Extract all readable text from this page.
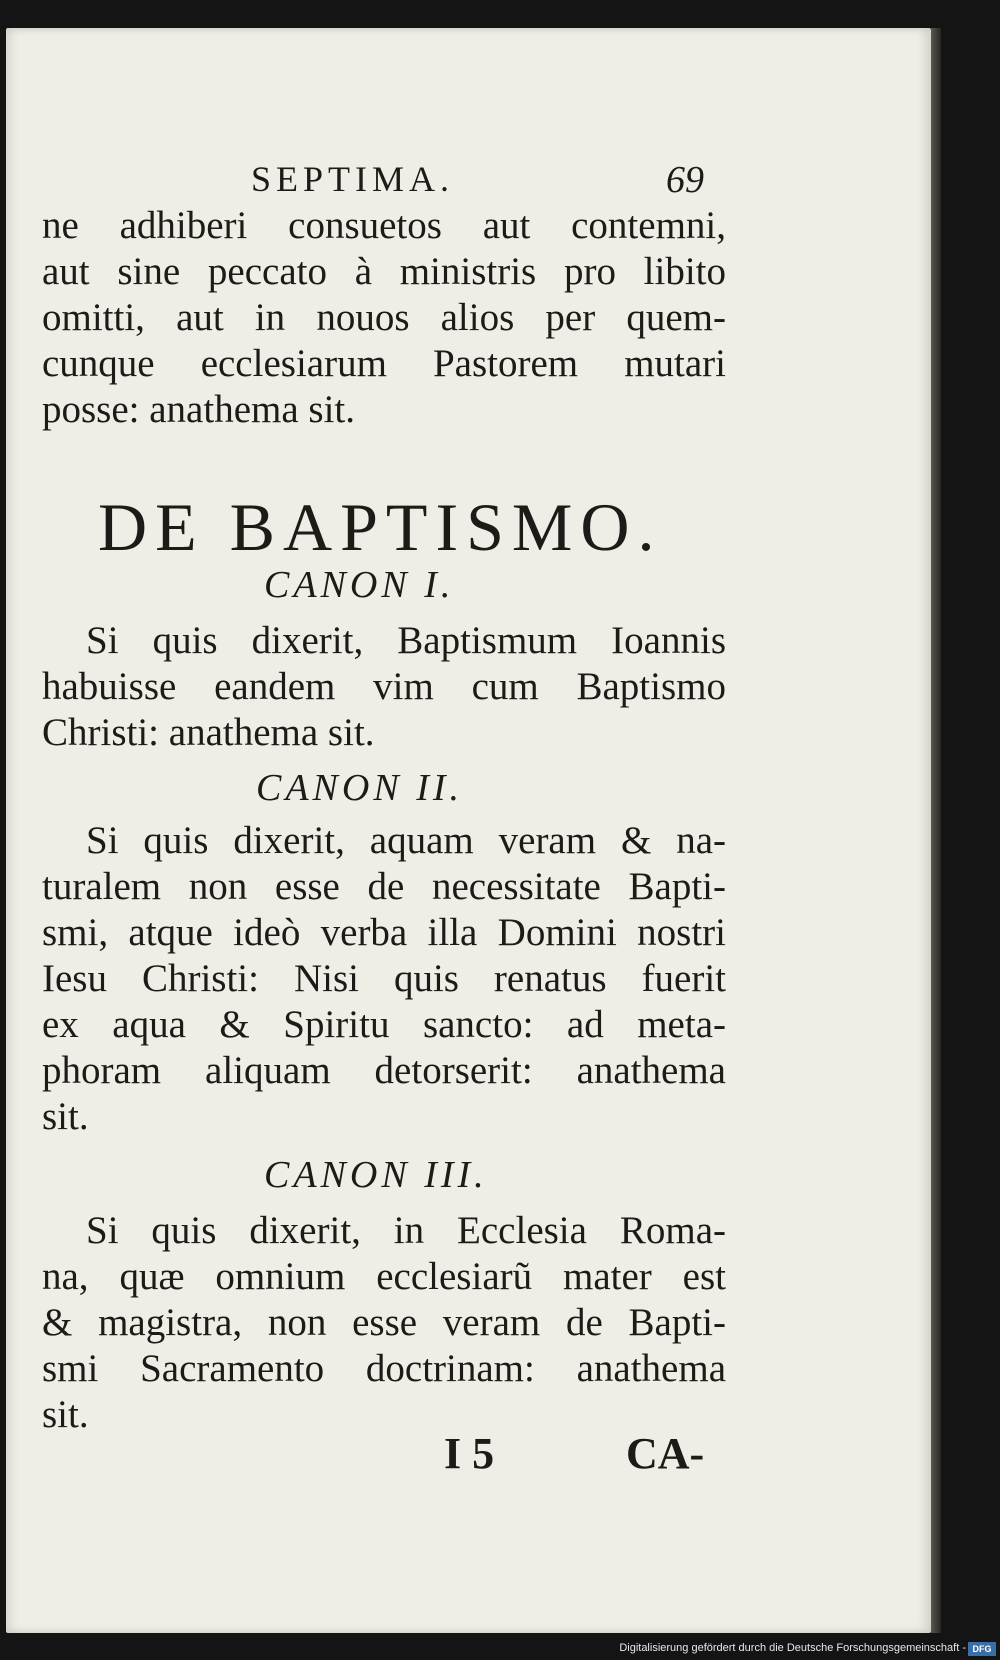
SEPTIMA.	69
ne adhiberi consuetos aut contemni,
aut sine peccato à ministris pro libito
omitti, aut in nouos alios per quem-
cunque ecclesiarum Pastorem mutari
posse: anathema sit.
DE BAPTISMO.
CANON I.
Si quis dixerit, Baptismum Ioannis
habuisse eandem vim cum Baptismo
Christi: anathema sit.
CANON II.
Si quis dixerit, aquam veram & na-
turalem non esse de necessitate Bapti-
smi, atque ideò verba illa Domini nostri
Iesu Christi: Nisi quis renatus fuerit
ex aqua & Spiritu sancto: ad meta-
phoram aliquam detorserit: anathema
sit.
CANON III.
Si quis dixerit, in Ecclesia Roma-
na, quæ omnium ecclesiarũ mater est
& magistra, non esse veram de Bapti-
smi Sacramento doctrinam: anathema
sit.
I 5	CA-
Digitalisierung gefördert durch die Deutsche Forschungsgemeinschaft - DFG
